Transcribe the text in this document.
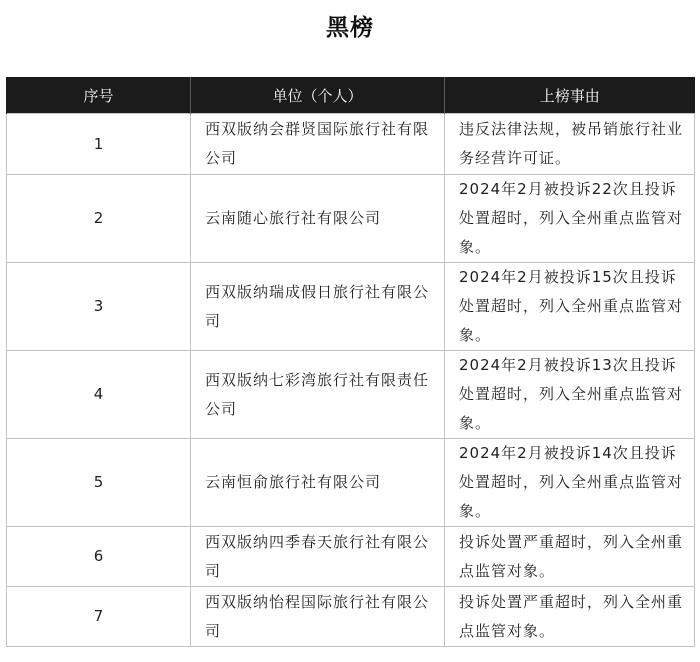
黑榜
序号	单位（个人）	上榜事由
1	西双版纳会群贤国际旅行社有限公司	违反法律法规，被吊销旅行社业务经营许可证。
2	云南随心旅行社有限公司	2024年2月被投诉22次且投诉处置超时，列入全州重点监管对象。
3	西双版纳瑞成假日旅行社有限公司	2024年2月被投诉15次且投诉处置超时，列入全州重点监管对象。
4	西双版纳七彩湾旅行社有限责任公司	2024年2月被投诉13次且投诉处置超时，列入全州重点监管对象。
5	云南恒俞旅行社有限公司	2024年2月被投诉14次且投诉处置超时，列入全州重点监管对象。
6	西双版纳四季春天旅行社有限公司	投诉处置严重超时，列入全州重点监管对象。
7	西双版纳怡程国际旅行社有限公司	投诉处置严重超时，列入全州重点监管对象。
